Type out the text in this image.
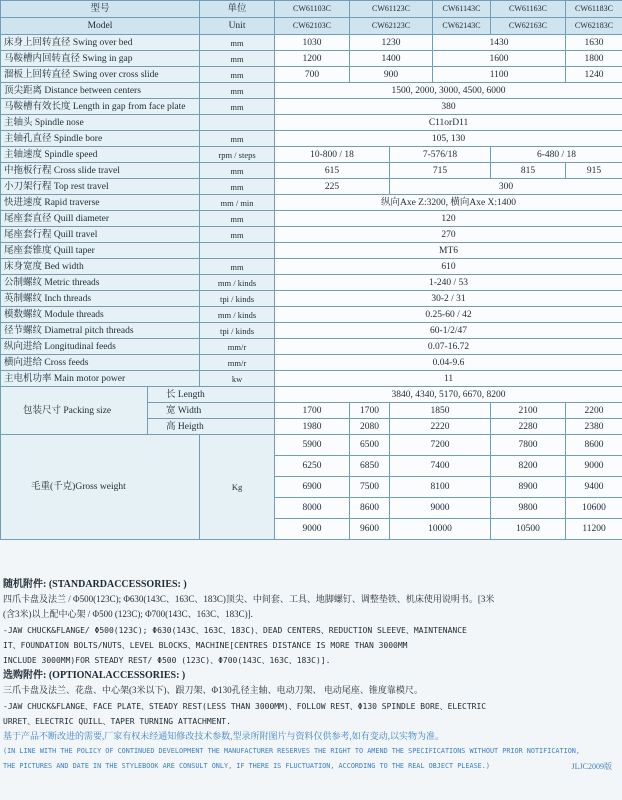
型号		单位	CW61103C	CW61123C		CW61143C	CW61163C	CW61183C	
Model		Unit	CW62103C	CW62123C		CW62143C	CW62163C	CW62183C	
床身上回转直径 Swing over bed		mm	1030	1230		1430		1630	
马鞍槽内回转直径 Swing in gap		mm	1200	1400		1600		1800	
溜板上回转直径 Swing over cross slide		mm	700	900		1100		1240	
顶尖距离 Distance between centers		mm	1500, 2000, 3000, 4500, 6000						
马鞍槽有效长度 Length in gap from face plate		mm	380						
主轴头 Spindle nose			C11orD11						
主轴孔直径 Spindle bore		mm	105, 130						
主轴速度 Spindle speed		rpm / steps	10-800 / 18		7-576/18		6-480 / 18		
中拖板行程 Cross slide travel		mm	615		715		815	915	
小刀架行程 Top rest travel		mm	225		300				
快进速度 Rapid traverse		mm / min	纵向Axe Z:3200, 横向Axe X:1400						
尾座套直径 Quill diameter		mm	120						
尾座套行程 Quill travel		mm	270						
尾座套锥度 Quill taper			MT6						
床身宽度 Bed width		mm	610						
公制螺纹 Metric threads		mm / kinds	1-240 / 53						
英制螺纹 Inch threads		tpi / kinds	30-2 / 31						
模数螺纹 Module threads		mm / kinds	0.25-60 / 42						
径节螺纹 Diametral pitch threads		tpi / kinds	60-1/2/47						
纵向进给 Longitudinal feeds		mm/r	0.07-16.72						
横向进给 Cross feeds		mm/r	0.04-9.6						
主电机功率 Main motor power		kw	11						
包装尺寸 Packing size	长 Length		3840, 4340, 5170, 6670, 8200						
	宽 Width		1700	1700	1850		2100	2200	
	高 Heigth		1980	2080	2220		2280	2380	
毛重(千克)Gross weight		Kg	5900	6500	7200		7800	8600	
			6250	6850	7400		8200	9000	
			6900	7500	8100		8900	9400	
			8000	8600	9000		9800	10600	
			9000	9600	10000		10500	11200	
随机附件: (STANDARDACCESSORIES: )
四爪卡盘及法兰 / Φ500(123C); Φ630(143C、163C、183C)顶尖、中间套、工具、地脚螺钉、调整垫铁、机床使用说明书。[3米
(含3米)以上配中心架 / Φ500 (123C); Φ700(143C、163C、183C)].
-JAW CHUCK&FLANGE/ Φ500(123C); Φ630(143C、163C、183C)、DEAD CENTERS、REDUCTION SLEEVE、MAINTENANCE
IT、FOUNDATION BOLTS/NUTS、LEVEL BLOCKS、MACHINE[CENTRES DISTANCE IS MORE THAN 3000MM
INCLUDE 3000MM)FOR STEADY REST/ Φ500 (123C)、Φ700(143C、163C、183C)].
选购附件: (OPTIONALACCESSORIES: )
三爪卡盘及法兰、花盘、中心架(3米以下)、跟刀架、Φ130孔径主轴、电动刀架、 电动尾座、锥度靠模尺。
-JAW CHUCK&FLANGE、FACE PLATE、STEADY REST(LESS THAN 3000MM)、FOLLOW REST、Φ130 SPINDLE BORE、ELECTRIC
URRET、ELECTRIC QUILL、TAPER TURNING ATTACHMENT.
基于产品不断改进的需要,厂家有权未经通知修改技术参数,型录所附图片与资料仅供参考,如有变动,以实物为准。
(IN LINE WITH THE POLICY OF CONTINUED DEVELOPMENT THE MANUFACTURER RESERVES THE RIGHT TO AMEND THE SPECIFICATIONS WITHOUT PRIOR NOTIFICATION,
THE PICTURES AND DATE IN THE STYLEBOOK ARE CONSULT ONLY, IF THERE IS FLUCTUATION, ACCORDING TO THE REAL OBJECT PLEASE.)	JLJC2009版
